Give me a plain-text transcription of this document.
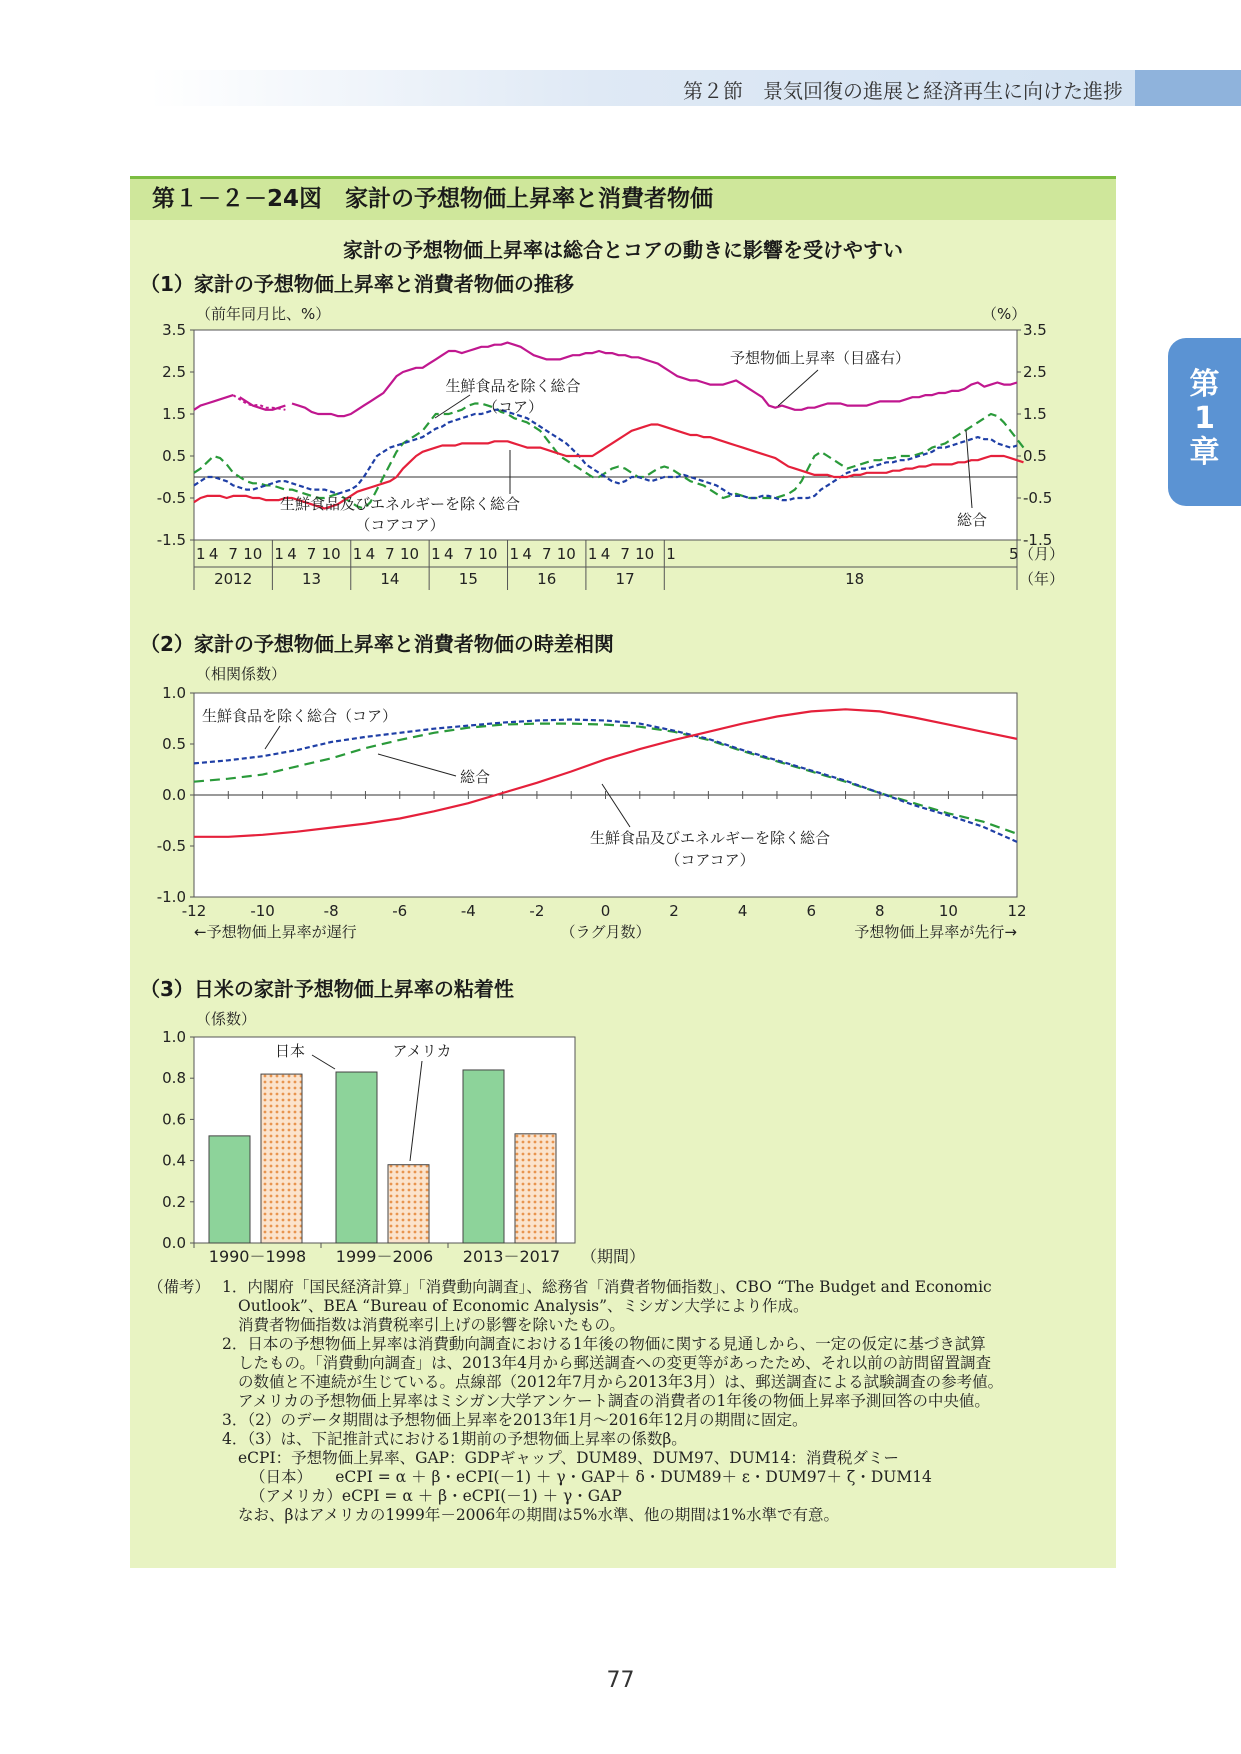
第２節　景気回復の進展と経済再生に向けた進捗
第
1
章
第１－２－24図　家計の予想物価上昇率と消費者物価
家計の予想物価上昇率は総合とコアの動きに影響を受けやすい
（1）家計の予想物価上昇率と消費者物価の推移
（前年同月比、%）	（%）
3.5	3.5
2.5	2.5
1.5	1.5
0.5	0.5
-0.5	-0.5
-1.5	-1.5
1 4 7 10
2012
1 4 7 10
13
1 4 7 10
14
1 4 7 10
15
1 4 7 10
16
1 4 7 10
17
1	5
18
（月）
（年）
予想物価上昇率（目盛右）
生鮮食品を除く総合
（コア）
生鮮食品及びエネルギーを除く総合
（コアコア）	総合
（2）家計の予想物価上昇率と消費者物価の時差相関
（相関係数）
1.0
0.5
0.0
-0.5
-1.0
-12	-10	-8	-6	-4	-2	0	2	4	6	8	10	12
←予想物価上昇率が遅行	（ラグ月数）	予想物価上昇率が先行→
生鮮食品を除く総合（コア）
総合
生鮮食品及びエネルギーを除く総合
（コアコア）
（3）日米の家計予想物価上昇率の粘着性
（係数）
1.0
0.8
0.6
0.4
0.2
0.0
1990－1998 1999－2006 2013－2017 （期間）
日本	アメリカ
（備考） 1．内閣府「国民経済計算」「消費動向調査」、総務省「消費者物価指数」、CBO “The Budget and Economic
Outlook”、BEA “Bureau of Economic Analysis”、ミシガン大学により作成。
消費者物価指数は消費税率引上げの影響を除いたもの。
2．日本の予想物価上昇率は消費動向調査における1年後の物価に関する見通しから、一定の仮定に基づき試算
したもの。「消費動向調査」は、2013年4月から郵送調査への変更等があったため、それ以前の訪問留置調査
の数値と不連続が生じている。点線部（2012年7月から2013年3月）は、郵送調査による試験調査の参考値。
アメリカの予想物価上昇率はミシガン大学アンケート調査の消費者の1年後の物価上昇率予測回答の中央値。
3．（2）のデータ期間は予想物価上昇率を2013年1月～2016年12月の期間に固定。
4．（3）は、下記推計式における1期前の予想物価上昇率の係数β。
eCPI：予想物価上昇率、GAP：GDPギャップ、DUM89、DUM97、DUM14：消費税ダミー
（日本）　　eCPI = α ＋ β・eCPI(－1) ＋ γ・GAP＋ δ・DUM89＋ ε・DUM97＋ ζ・DUM14
（アメリカ）eCPI = α ＋ β・eCPI(－1) ＋ γ・GAP
なお、βはアメリカの1999年－2006年の期間は5%水準、他の期間は1%水準で有意。
77
